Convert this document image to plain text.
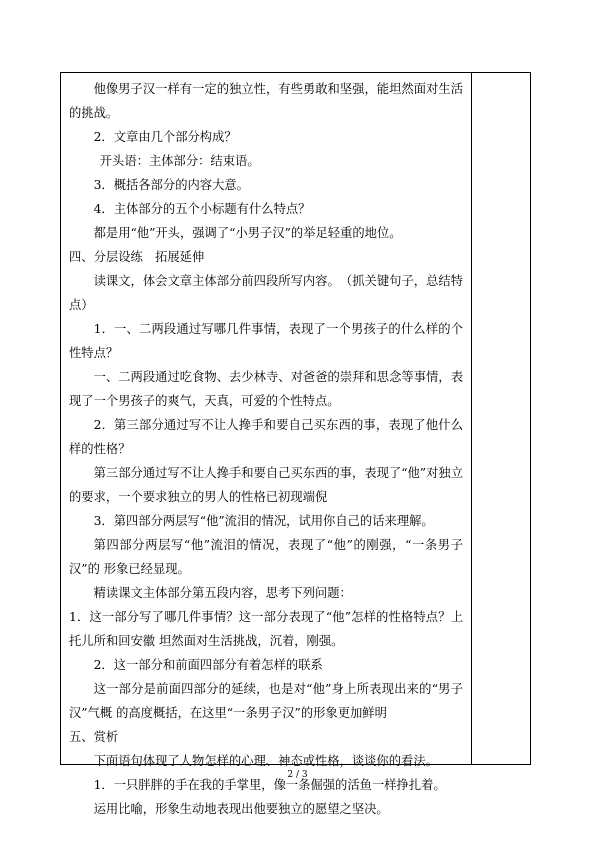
他像男子汉一样有一定的独立性，有些勇敢和坚强，能坦然面对生活的挑战。

2．文章由几个部分构成？

开头语：主体部分：结束语。

3．概括各部分的内容大意。

4．主体部分的五个小标题有什么特点？

都是用“他”开头，强调了“小男子汉”的举足轻重的地位。

四、分层设练　拓展延伸

读课文，体会文章主体部分前四段所写内容。　（抓关键句子，总结特点）

1．一、二两段通过写哪几件事情，表现了一个男孩子的什么样的个性特点？

一、二两段通过吃食物、去少林寺、对爸爸的崇拜和思念等事情，表现了一个男孩子的爽气，天真，可爱的个性特点。

2．第三部分通过写不让人搀手和要自己买东西的事，表现了他什么样的性格？

第三部分通过写不让人搀手和要自己买东西的事，表现了“他”对独立的要求，一个要求独立的男人的性格已初现端倪

3．第四部分两层写“他”流泪的情况，试用你自己的话来理解。

第四部分两层写“他”流泪的情况，表现了“他”的刚强，“一条男子汉”的 形象已经显现。

精读课文主体部分第五段内容，思考下列问题：

1．这一部分写了哪几件事情？这一部分表现了“他”怎样的性格特点？上托儿所和回安徽 坦然面对生活挑战，沉着，刚强。

2．这一部分和前面四部分有着怎样的联系

这一部分是前面四部分的延续，也是对“他”身上所表现出来的“男子汉”气概 的高度概括，在这里“一条男子汉”的形象更加鲜明

五、赏析

下面语句体现了人物怎样的心理、神态或性格，谈谈你的看法。

1．一只胖胖的手在我的手掌里，像一条倔强的活鱼一样挣扎着。

运用比喻，形象生动地表现出他要独立的愿望之坚决。

2 / 3
